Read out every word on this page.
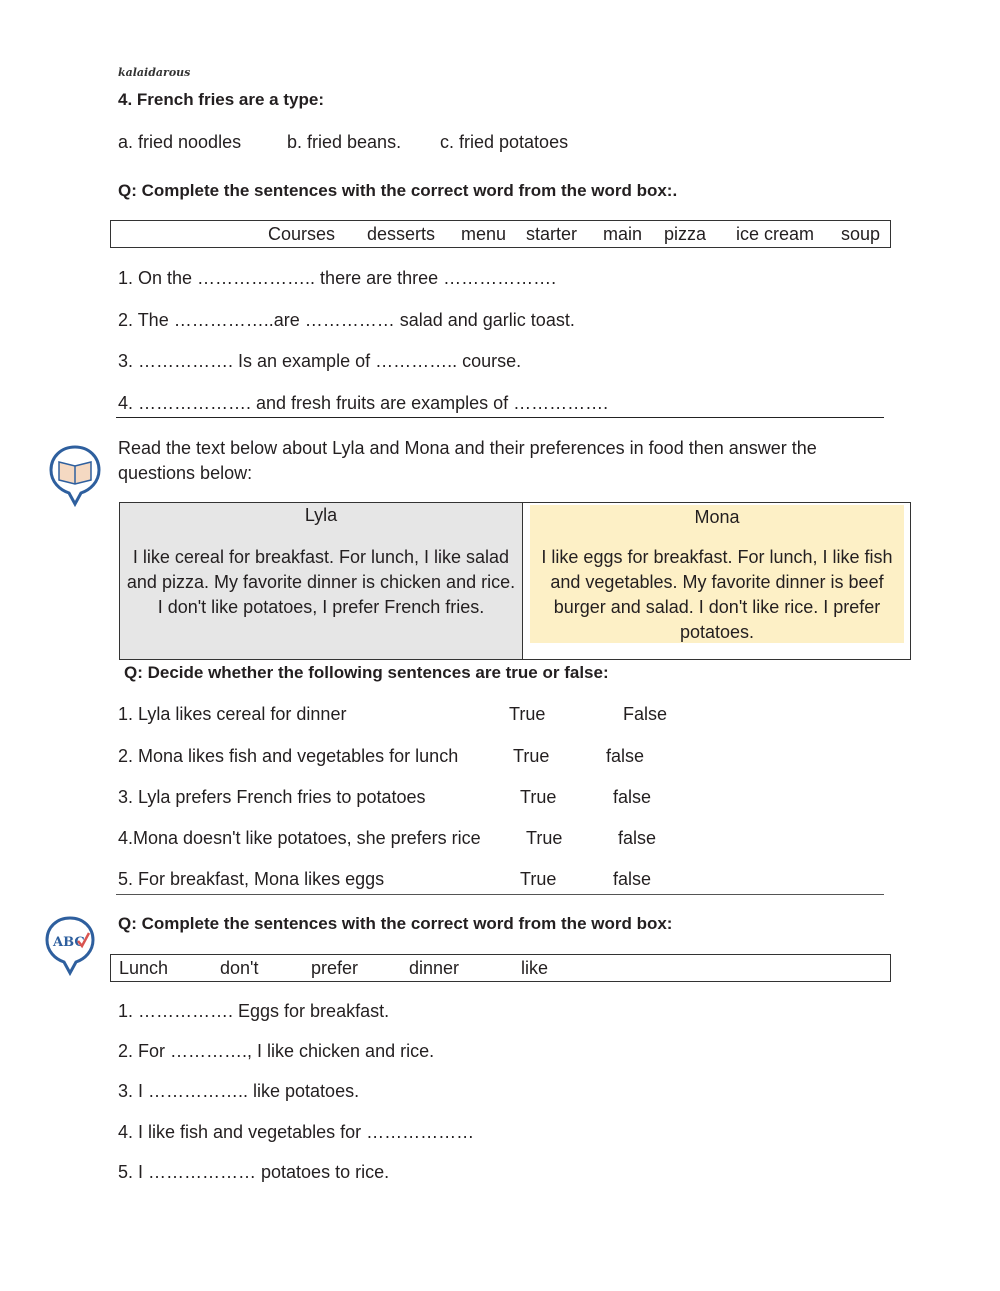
kalaidarous
4. French fries are a type:
a. fried noodles	b. fried beans. c. fried potatoes
Q: Complete the sentences with the correct word from the word box:.
Courses desserts menu starter main pizza ice cream soup
1. On the ……………….. there are three ……………….
2. The ……………..are …………… salad and garlic toast.
3. ……………. Is an example of ………….. course.
4. ………………. and fresh fruits are examples of …………….
Read the text below about Lyla and Mona and their preferences in food then answer the questions below:
Lyla
I like cereal for breakfast. For lunch, I like salad and pizza. My favorite dinner is chicken and rice. I don't like potatoes, I prefer French fries.
Mona
I like eggs for breakfast. For lunch, I like fish and vegetables. My favorite dinner is beef burger and salad. I don't like rice. I prefer potatoes.
Q: Decide whether the following sentences are true or false:
1. Lyla likes cereal for dinner	True	False
2. Mona likes fish and vegetables for lunch	True	false
3. Lyla prefers French fries to potatoes	True	false
4.Mona doesn't like potatoes, she prefers rice	True	false
5. For breakfast, Mona likes eggs	True	false
ABC
Q: Complete the sentences with the correct word from the word box:
Lunch	don't	prefer	dinner	like
1. ……………. Eggs for breakfast.
2. For …………., I like chicken and rice.
3. I …………….. like potatoes.
4. I like fish and vegetables for ………………
5. I ……………… potatoes to rice.
